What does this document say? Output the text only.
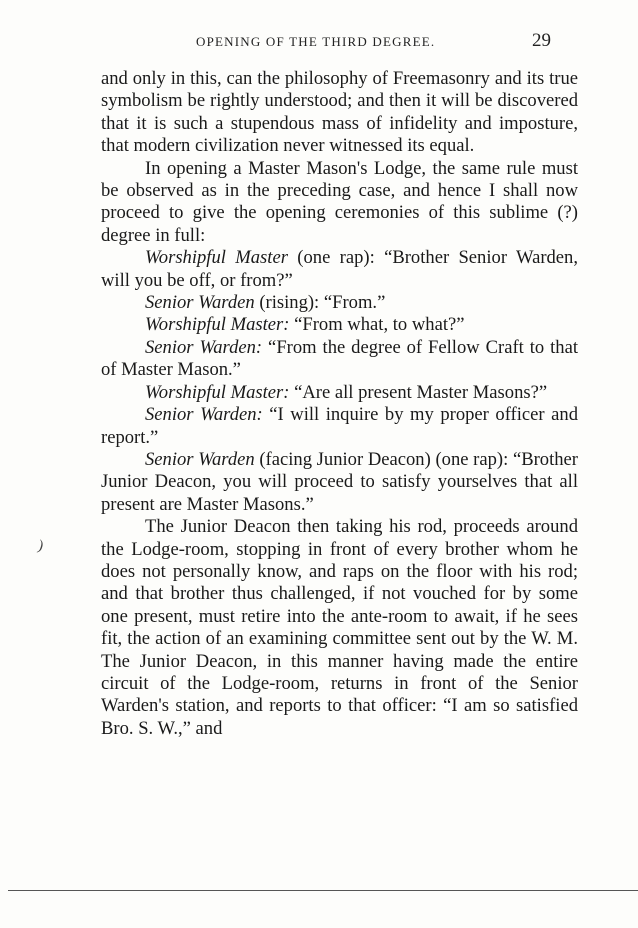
OPENING OF THE THIRD DEGREE.	29
)

and only in this, can the philosophy of Freemasonry and its true symbolism be rightly understood; and then it will be discovered that it is such a stupendous mass of infidelity and imposture, that modern civilization never witnessed its equal.

In opening a Master Mason's Lodge, the same rule must be observed as in the preceding case, and hence I shall now proceed to give the opening ceremonies of this sublime (?) degree in full:

Worshipful Master (one rap): “Brother Senior Warden, will you be off, or from?”

Senior Warden (rising): “From.”

Worshipful Master: “From what, to what?”

Senior Warden: “From the degree of Fellow Craft to that of Master Mason.”

Worshipful Master: “Are all present Master Masons?”

Senior Warden: “I will inquire by my proper officer and report.”

Senior Warden (facing Junior Deacon) (one rap): “Brother Junior Deacon, you will proceed to satisfy yourselves that all present are Master Masons.”

The Junior Deacon then taking his rod, proceeds around the Lodge-room, stopping in front of every brother whom he does not personally know, and raps on the floor with his rod; and that brother thus challenged, if not vouched for by some one present, must retire into the ante-room to await, if he sees fit, the action of an examining committee sent out by the W. M. The Junior Deacon, in this manner having made the entire circuit of the Lodge-room, returns in front of the Senior Warden's station, and reports to that officer: “I am so satisfied Bro. S. W.,” and
